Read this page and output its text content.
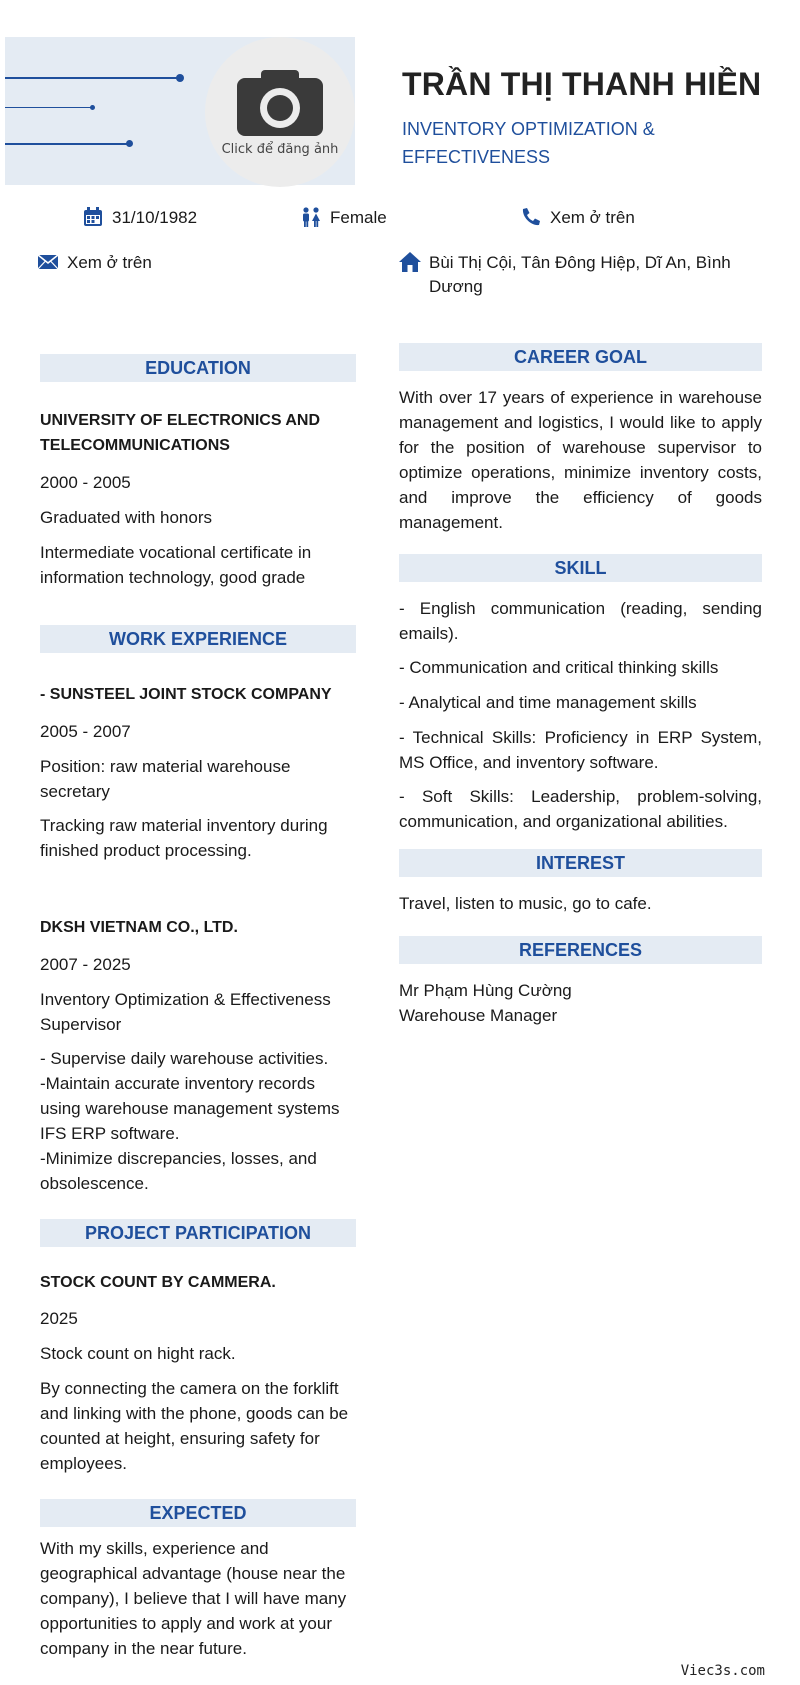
Click để đăng ảnh
TRẦN THỊ THANH HIỀN
INVENTORY OPTIMIZATION & EFFECTIVENESS
31/10/1982	Female	Xem ở trên
Xem ở trên	Bùi Thị Cội, Tân Đông Hiệp, Dĩ An, Bình Dương
EDUCATION
UNIVERSITY OF ELECTRONICS AND TELECOMMUNICATIONS
2000 - 2005
Graduated with honors
Intermediate vocational certificate in information technology, good grade
WORK EXPERIENCE
- SUNSTEEL JOINT STOCK COMPANY
2005 - 2007
Position: raw material warehouse secretary
Tracking raw material inventory during finished product processing.
DKSH VIETNAM CO., LTD.
2007 - 2025
Inventory Optimization & Effectiveness Supervisor
- Supervise daily warehouse activities.
-Maintain accurate inventory records using warehouse management systems IFS ERP software.
-Minimize discrepancies, losses, and obsolescence.
PROJECT PARTICIPATION
STOCK COUNT BY CAMMERA.
2025
Stock count on hight rack.
By connecting the camera on the forklift and linking with the phone, goods can be counted at height, ensuring safety for employees.
EXPECTED
With my skills, experience and geographical advantage (house near the company), I believe that I will have many opportunities to apply and work at your company in the near future.
CAREER GOAL
With over 17 years of experience in warehouse management and logistics, I would like to apply for the position of warehouse supervisor to optimize operations, minimize inventory costs, and improve the efficiency of goods management.
SKILL
- English communication (reading, sending emails).
- Communication and critical thinking skills
- Analytical and time management skills
- Technical Skills: Proficiency in ERP System, MS Office, and inventory software.
- Soft Skills: Leadership, problem-solving, communication, and organizational abilities.
INTEREST
Travel, listen to music, go to cafe.
REFERENCES
Mr Phạm Hùng Cường
Warehouse Manager
Viec3s.com
